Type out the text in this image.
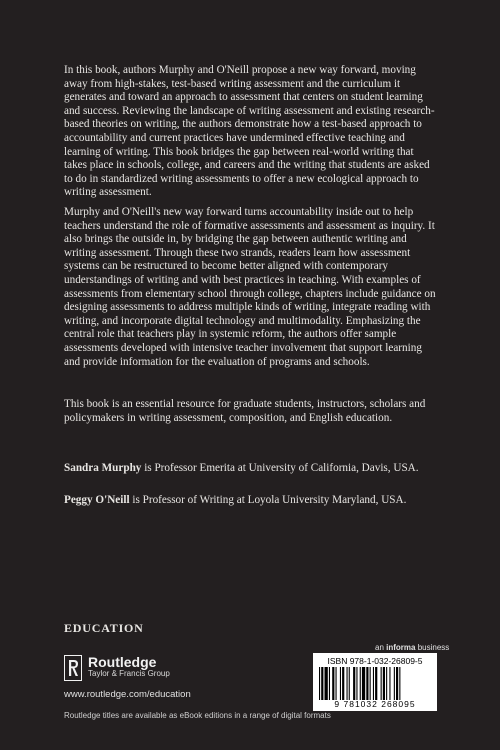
In this book, authors Murphy and O'Neill propose a new way forward, moving away from high-stakes, test-based writing assessment and the curriculum it generates and toward an approach to assessment that centers on student learning and success. Reviewing the landscape of writing assessment and existing research-based theories on writing, the authors demonstrate how a test-based approach to accountability and current practices have undermined effective teaching and learning of writing. This book bridges the gap between real-world writing that takes place in schools, college, and careers and the writing that students are asked to do in standardized writing assessments to offer a new ecological approach to writing assessment.

Murphy and O'Neill's new way forward turns accountability inside out to help teachers understand the role of formative assessments and assessment as inquiry. It also brings the outside in, by bridging the gap between authentic writing and writing assessment. Through these two strands, readers learn how assessment systems can be restructured to become better aligned with contemporary understandings of writing and with best practices in teaching. With examples of assessments from elementary school through college, chapters include guidance on designing assessments to address multiple kinds of writing, integrate reading with writing, and incorporate digital technology and multimodality. Emphasizing the central role that teachers play in systemic reform, the authors offer sample assessments developed with intensive teacher involvement that support learning and provide information for the evaluation of programs and schools.

This book is an essential resource for graduate students, instructors, scholars and policymakers in writing assessment, composition, and English education.

Sandra Murphy is Professor Emerita at University of California, Davis, USA.

Peggy O'Neill is Professor of Writing at Loyola University Maryland, USA.

EDUCATION
Routledge
Taylor & Francis Group
www.routledge.com/education
Routledge titles are available as eBook editions in a range of digital formats
an informa business
ISBN 978-1-032-26809-5
9 781032 268095
